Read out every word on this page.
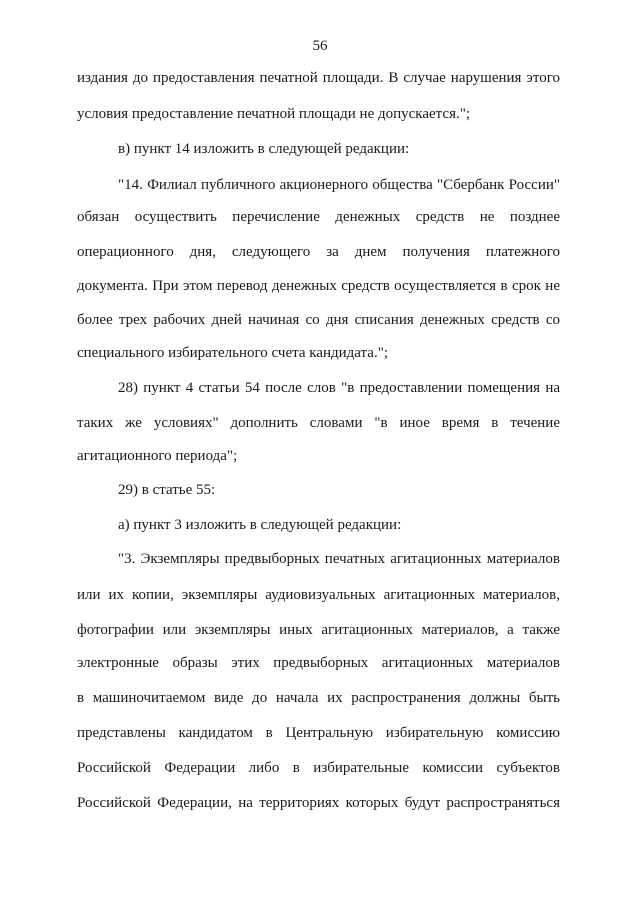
56
издания до предоставления печатной площади. В случае нарушения этого
условия предоставление печатной площади не допускается.";
в) пункт 14 изложить в следующей редакции:
"14. Филиал публичного акционерного общества "Сбербанк России"
обязан осуществить перечисление денежных средств не позднее
операционного дня, следующего за днем получения платежного
документа. При этом перевод денежных средств осуществляется в срок не
более трех рабочих дней начиная со дня списания денежных средств со
специального избирательного счета кандидата.";
28) пункт 4 статьи 54 после слов "в предоставлении помещения на
таких же условиях" дополнить словами "в иное время в течение
агитационного периода";
29) в статье 55:
а) пункт 3 изложить в следующей редакции:
"3. Экземпляры предвыборных печатных агитационных материалов
или их копии, экземпляры аудиовизуальных агитационных материалов,
фотографии или экземпляры иных агитационных материалов, а также
электронные образы этих предвыборных агитационных материалов
в машиночитаемом виде до начала их распространения должны быть
представлены кандидатом в Центральную избирательную комиссию
Российской Федерации либо в избирательные комиссии субъектов
Российской Федерации, на территориях которых будут распространяться
